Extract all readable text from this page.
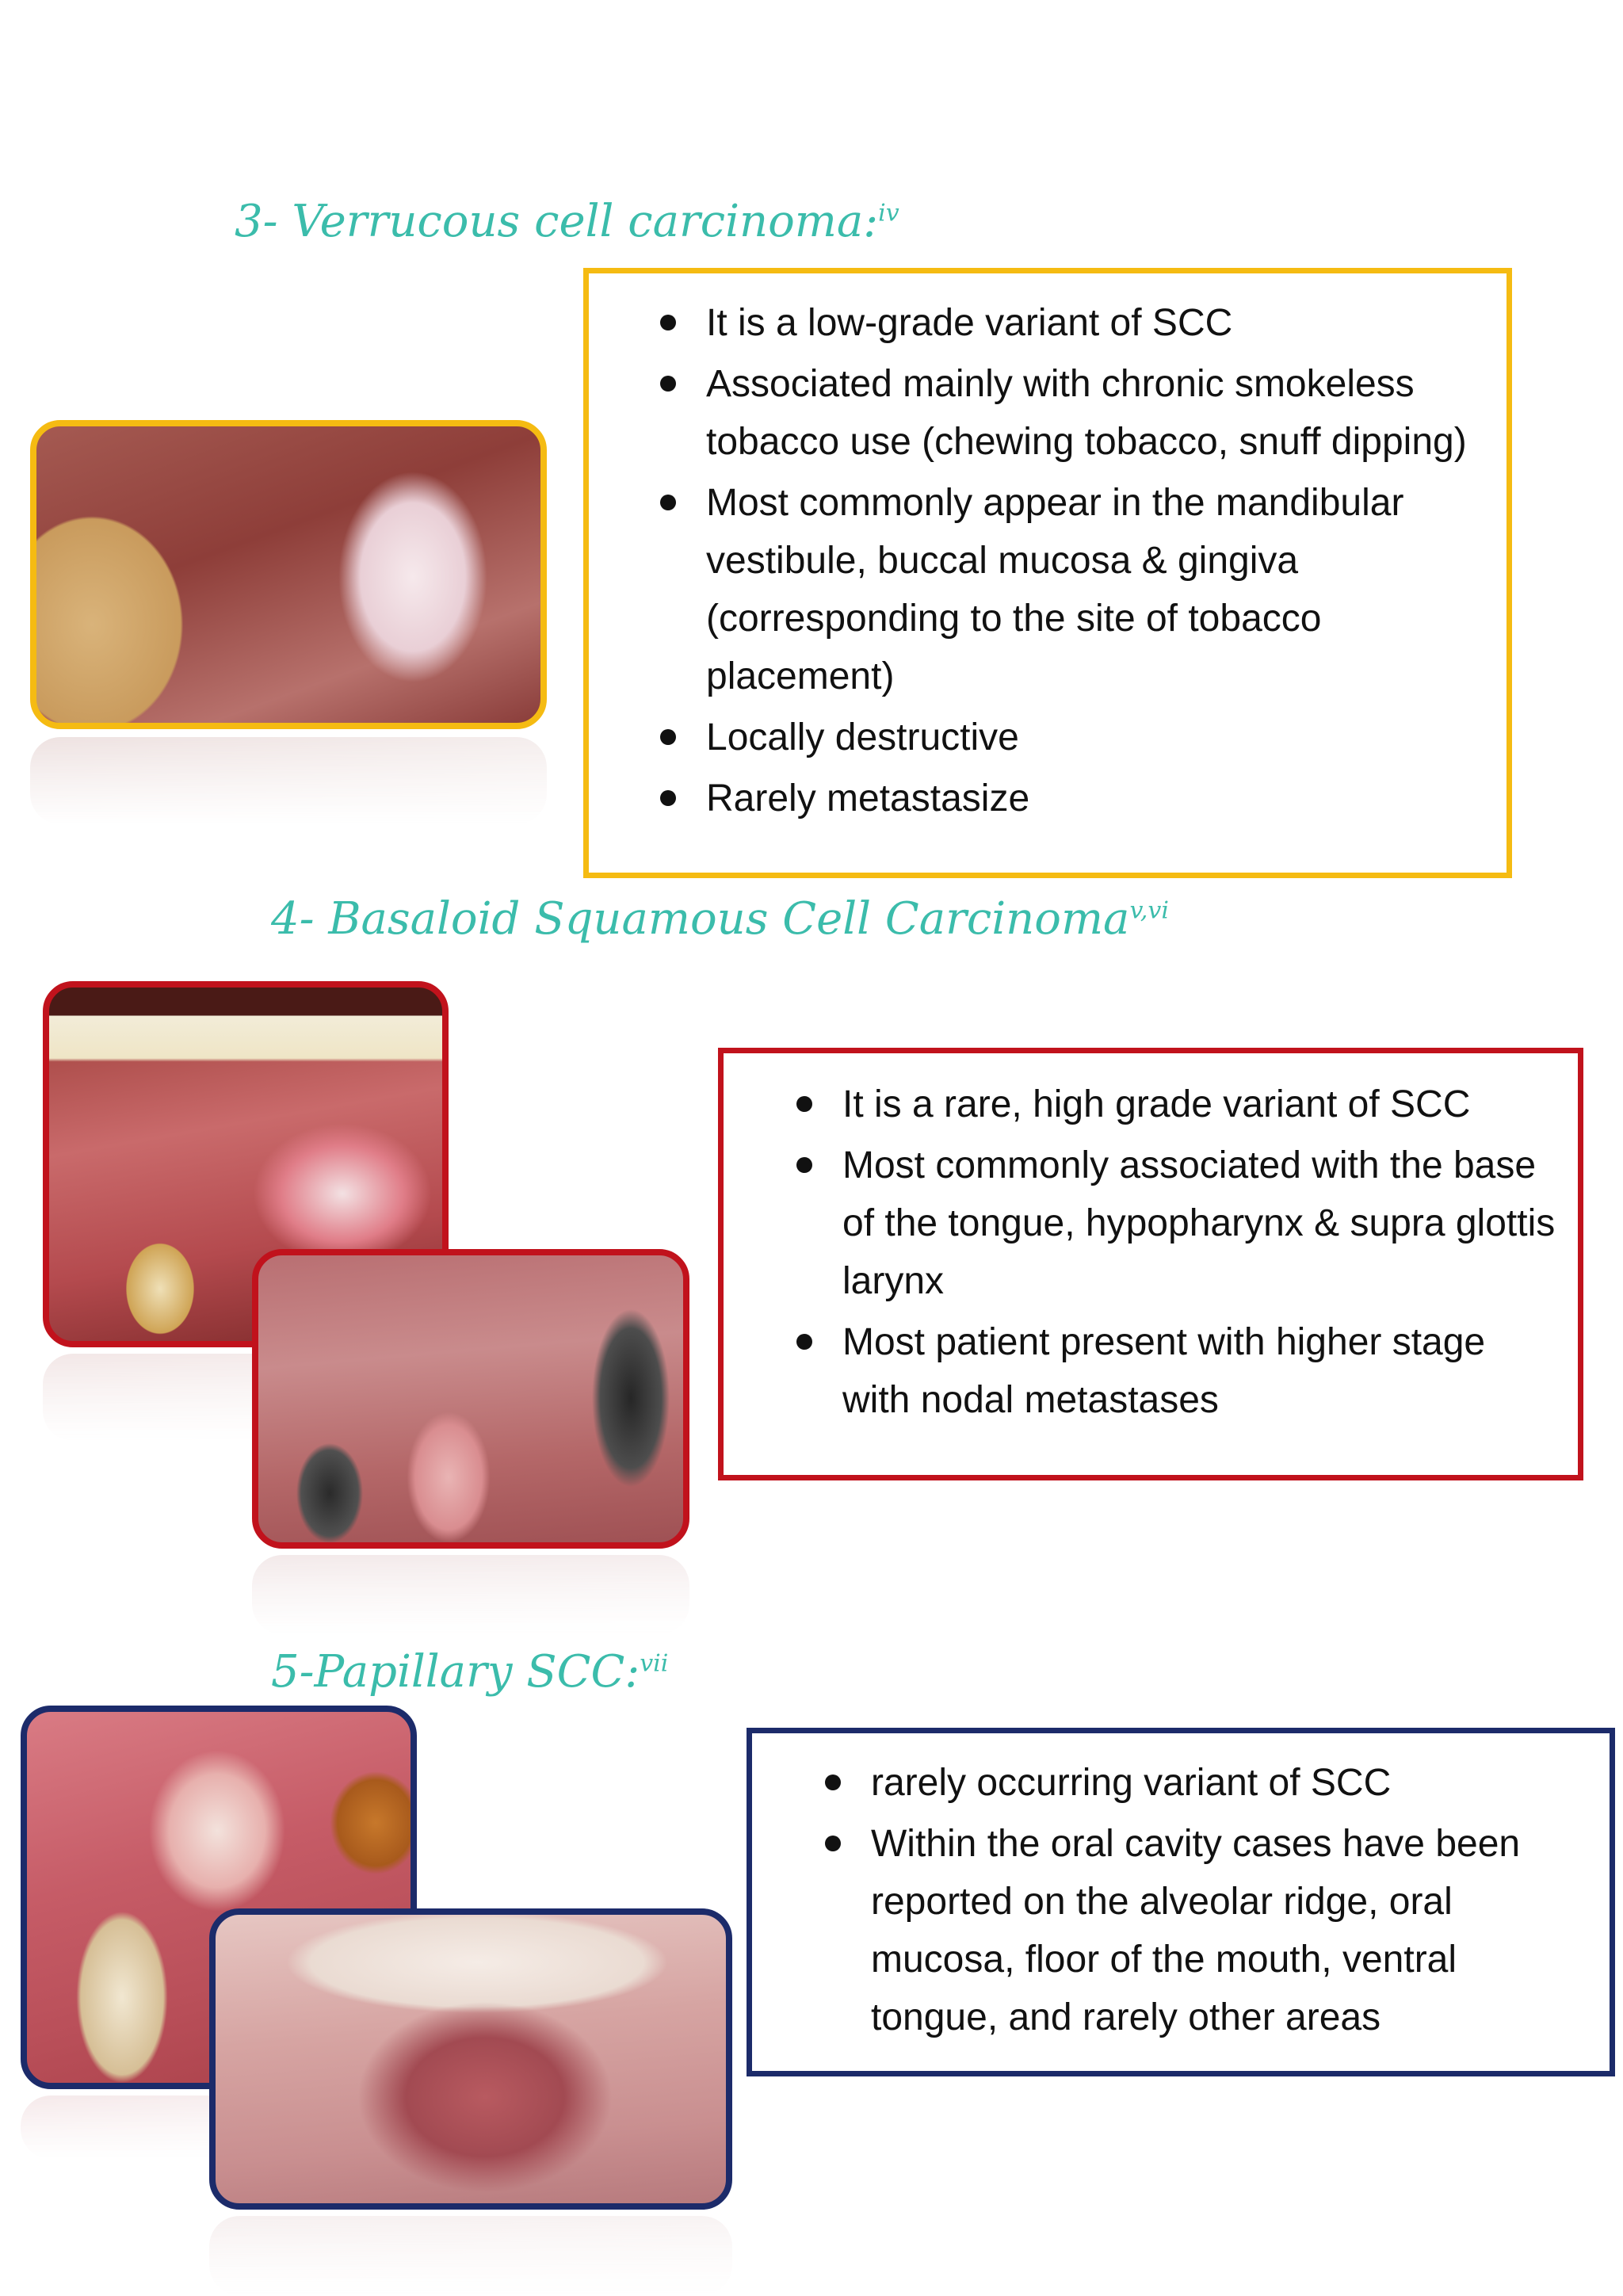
3- Verrucous cell carcinoma:$^{iv}$
It is a low-grade variant of SCC
Associated mainly with chronic smokeless tobacco use (chewing tobacco, snuff dipping)
Most commonly appear in the mandibular vestibule, buccal mucosa & gingiva (corresponding to the site of tobacco placement)
Locally destructive
Rarely metastasize
4- Basaloid Squamous Cell Carcinoma$^{v,vi}$
It is a rare, high grade variant of SCC
Most commonly associated with the base of the tongue, hypopharynx & supra glottis larynx
Most patient present with higher stage with nodal metastases
5-Papillary SCC:$^{vii}$
rarely occurring variant of SCC
Within the oral cavity cases have been reported on the alveolar ridge, oral mucosa, floor of the mouth, ventral tongue, and rarely other areas
